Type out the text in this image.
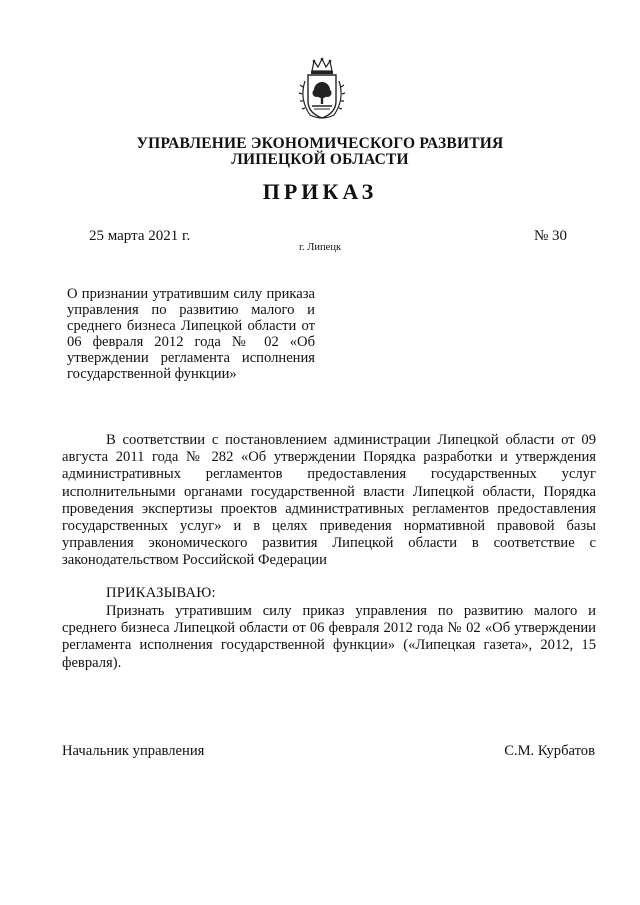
УПРАВЛЕНИЕ ЭКОНОМИЧЕСКОГО РАЗВИТИЯ
ЛИПЕЦКОЙ ОБЛАСТИ
ПРИКАЗ
25 марта 2021 г.	№ 30
г. Липецк
О признании утратившим силу приказа управления по развитию малого и среднего бизнеса Липецкой области от 06 февраля 2012 года № 02 «Об утверждении регламента исполнения государственной функции»

В соответствии с постановлением администрации Липецкой области от 09 августа 2011 года № 282 «Об утверждении Порядка разработки и утверждения административных регламентов предоставления государственных услуг исполнительными органами государственной власти Липецкой области, Порядка проведения экспертизы проектов административных регламентов предоставления государственных услуг» и в целях приведения нормативной правовой базы управления экономического развития Липецкой области в соответствие с законодательством Российской Федерации

ПРИКАЗЫВАЮ:

Признать утратившим силу приказ управления по развитию малого и среднего бизнеса Липецкой области от 06 февраля 2012 года № 02 «Об утверждении регламента исполнения государственной функции» («Липецкая газета», 2012, 15 февраля).

Начальник управления	С.М. Курбатов
